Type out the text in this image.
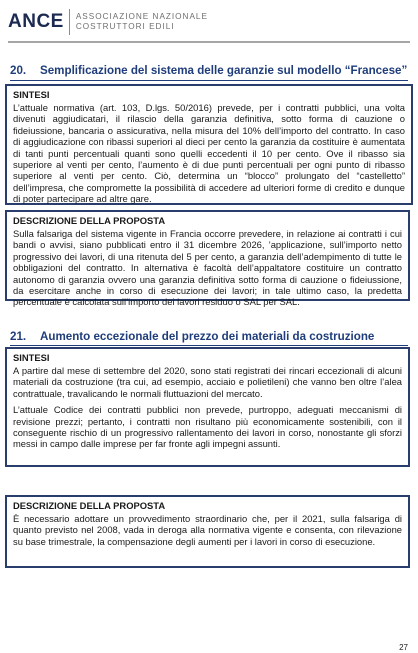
ANCE ASSOCIAZIONE NAZIONALE
COSTRUTTORI EDILI
20.	Semplificazione del sistema delle garanzie sul modello “Francese”
SINTESI

L’attuale normativa (art. 103, D.lgs. 50/2016) prevede, per i contratti pubblici, una volta divenuti aggiudicatari, il rilascio della garanzia definitiva, sotto forma di cauzione o fideiussione, bancaria o assicurativa, nella misura del 10% dell’importo del contratto. In caso di aggiudicazione con ribassi superiori al dieci per cento la garanzia da costituire è aumentata di tanti punti percentuali quanti sono quelli eccedenti il 10 per cento. Ove il ribasso sia superiore al venti per cento, l’aumento è di due punti percentuali per ogni punto di ribasso superiore al venti per cento. Ciò, determina un “blocco” prolungato del “castelletto” dell’impresa, che compromette la possibilità di accedere ad ulteriori forme di credito e dunque di poter partecipare ad altre gare.

DESCRIZIONE DELLA PROPOSTA

Sulla falsariga del sistema vigente in Francia occorre prevedere, in relazione ai contratti i cui bandi o avvisi, siano pubblicati entro il 31 dicembre 2026, ’applicazione, sull’importo netto progressivo dei lavori, di una ritenuta del 5 per cento, a garanzia dell’adempimento di tutte le obbligazioni del contratto. In alternativa è facoltà dell’appaltatore costituire un contratto autonomo di garanzia ovvero una garanzia definitiva sotto forma di cauzione o fideiussione, da esercitare anche in corso di esecuzione dei lavori; in tale ultimo caso, la predetta percentuale è calcolata sull’importo dei lavori residuo o SAL per SAL.

21.	Aumento eccezionale del prezzo dei materiali da costruzione
SINTESI

A partire dal mese di settembre del 2020, sono stati registrati dei rincari eccezionali di alcuni materiali da costruzione (tra cui, ad esempio, acciaio e polietileni) che vanno ben oltre l’alea contrattuale, travalicando le normali fluttuazioni del mercato.

L’attuale Codice dei contratti pubblici non prevede, purtroppo, adeguati meccanismi di revisione prezzi; pertanto, i contratti non risultano più economicamente sostenibili, con il conseguente rischio di un progressivo rallentamento dei lavori in corso, nonostante gli sforzi messi in campo dalle imprese per far fronte agli impegni assunti.

DESCRIZIONE DELLA PROPOSTA

È necessario adottare un provvedimento straordinario che, per il 2021, sulla falsariga di quanto previsto nel 2008, vada in deroga alla normativa vigente e consenta, con rilevazione su base trimestrale, la compensazione degli aumenti per i lavori in corso di esecuzione.

27
